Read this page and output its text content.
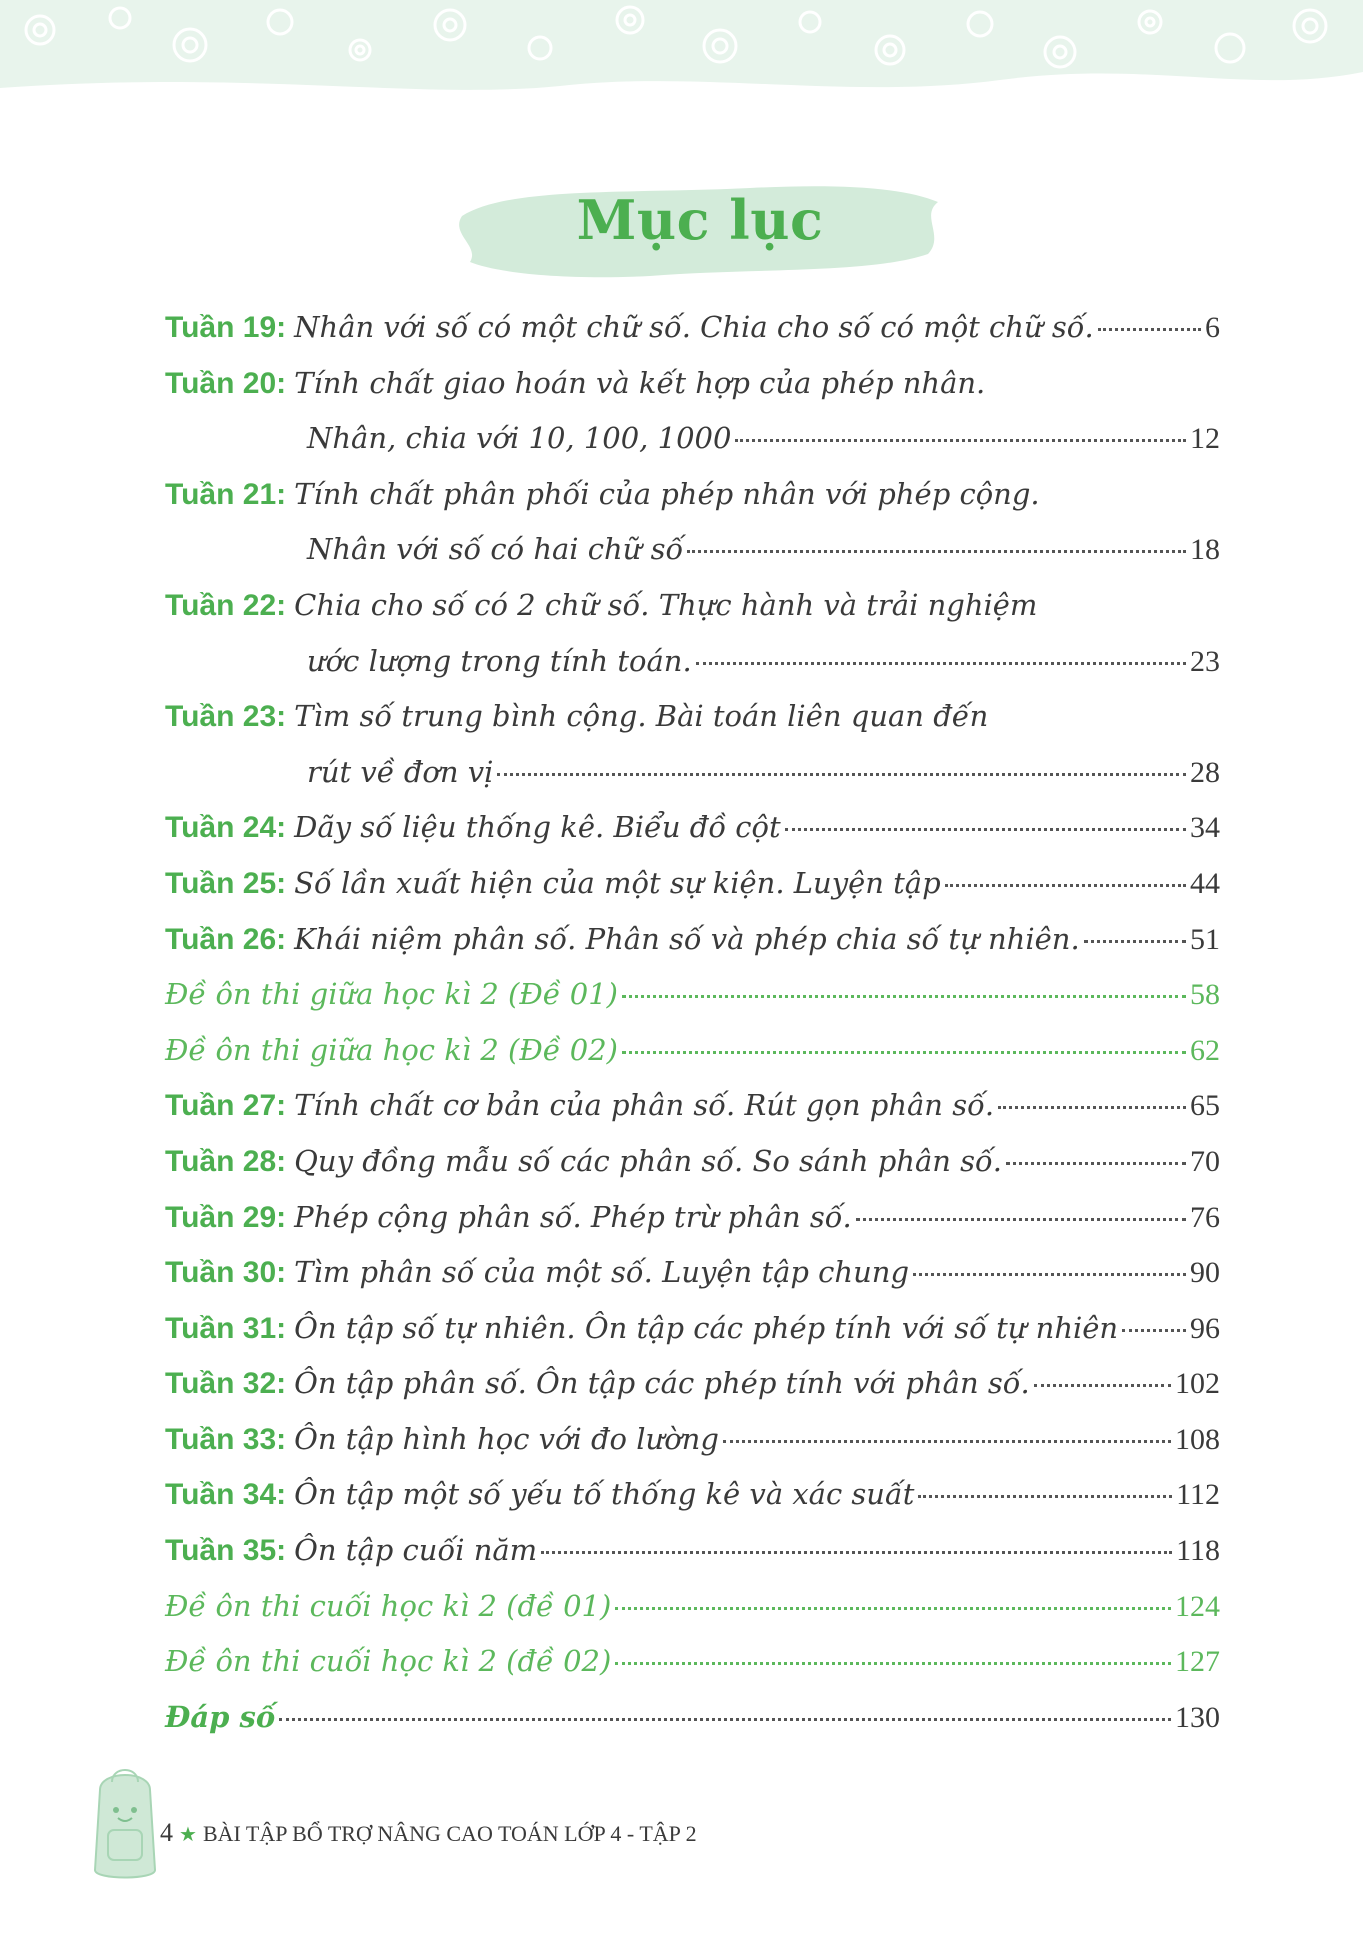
Mục lục
Tuần 19: Nhân với số có một chữ số. Chia cho số có một chữ số.	6
Tuần 20: Tính chất giao hoán và kết hợp của phép nhân.
Nhân, chia với 10, 100, 1000	12
Tuần 21: Tính chất phân phối của phép nhân với phép cộng.
Nhân với số có hai chữ số	18
Tuần 22: Chia cho số có 2 chữ số. Thực hành và trải nghiệm
ước lượng trong tính toán.	23
Tuần 23: Tìm số trung bình cộng. Bài toán liên quan đến
rút về đơn vị	28
Tuần 24: Dãy số liệu thống kê. Biểu đồ cột	34
Tuần 25: Số lần xuất hiện của một sự kiện. Luyện tập	44
Tuần 26: Khái niệm phân số. Phân số và phép chia số tự nhiên.	51
Đề ôn thi giữa học kì 2 (Đề 01)	58
Đề ôn thi giữa học kì 2 (Đề 02)	62
Tuần 27: Tính chất cơ bản của phân số. Rút gọn phân số.	65
Tuần 28: Quy đồng mẫu số các phân số. So sánh phân số.	70
Tuần 29: Phép cộng phân số. Phép trừ phân số.	76
Tuần 30: Tìm phân số của một số. Luyện tập chung	90
Tuần 31: Ôn tập số tự nhiên. Ôn tập các phép tính với số tự nhiên 96
Tuần 32: Ôn tập phân số. Ôn tập các phép tính với phân số.	102
Tuần 33: Ôn tập hình học với đo lường	108
Tuần 34: Ôn tập một số yếu tố thống kê và xác suất	112
Tuần 35: Ôn tập cuối năm	118
Đề ôn thi cuối học kì 2 (đề 01)	124
Đề ôn thi cuối học kì 2 (đề 02)	127
Đáp số	130
4 ★ BÀI TẬP BỔ TRỢ NÂNG CAO TOÁN LỚP 4 - TẬP 2
